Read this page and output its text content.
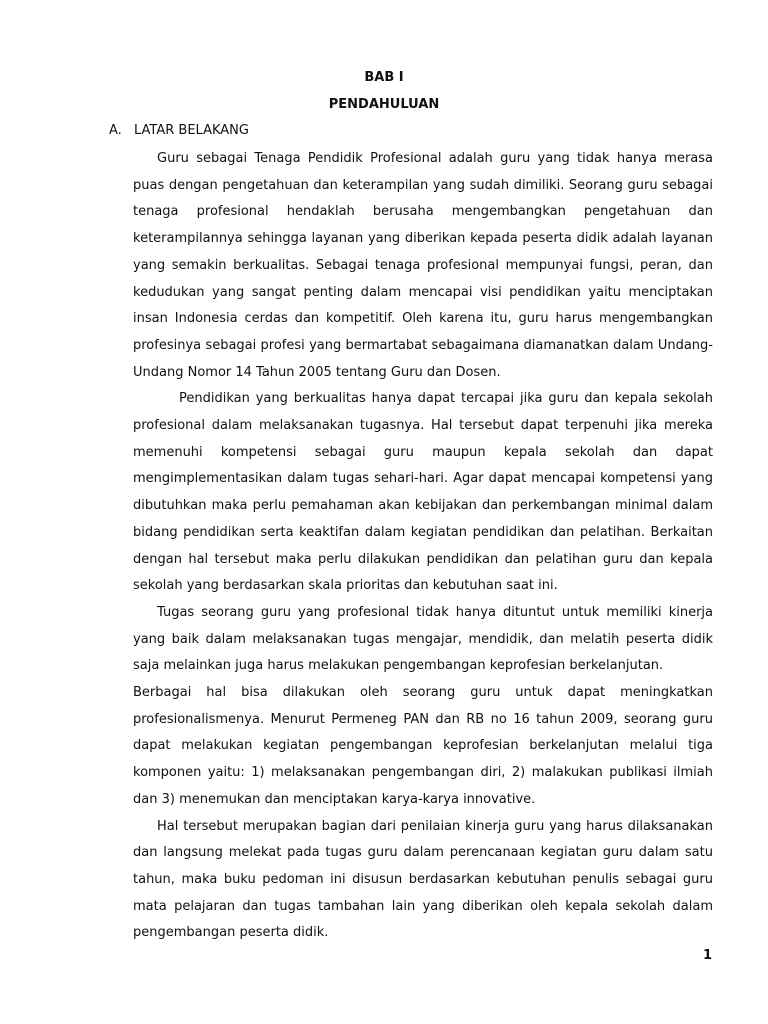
BAB I
PENDAHULUAN
A. LATAR BELAKANG

Guru sebagai Tenaga Pendidik Profesional adalah guru yang tidak hanya merasa puas dengan pengetahuan dan keterampilan yang sudah dimiliki. Seorang guru sebagai tenaga profesional hendaklah berusaha mengembangkan pengetahuan dan keterampilannya sehingga layanan yang diberikan kepada peserta didik adalah layanan yang semakin berkualitas. Sebagai tenaga profesional mempunyai fungsi, peran, dan kedudukan yang sangat penting dalam mencapai visi pendidikan yaitu menciptakan insan Indonesia cerdas dan kompetitif. Oleh karena itu, guru harus mengembangkan profesinya sebagai profesi yang bermartabat sebagaimana diamanatkan dalam Undang-Undang Nomor 14 Tahun 2005 tentang Guru dan Dosen.

Pendidikan yang berkualitas hanya dapat tercapai jika guru dan kepala sekolah profesional dalam melaksanakan tugasnya. Hal tersebut dapat terpenuhi jika mereka memenuhi kompetensi sebagai guru maupun kepala sekolah dan dapat mengimplementasikan dalam tugas sehari-hari. Agar dapat mencapai kompetensi yang dibutuhkan maka perlu pemahaman akan kebijakan dan perkembangan minimal dalam bidang pendidikan serta keaktifan dalam kegiatan pendidikan dan pelatihan. Berkaitan dengan hal tersebut maka perlu dilakukan pendidikan dan pelatihan guru dan kepala sekolah yang berdasarkan skala prioritas dan kebutuhan saat ini.

Tugas seorang guru yang profesional tidak hanya dituntut untuk memiliki kinerja yang baik dalam melaksanakan tugas mengajar, mendidik, dan melatih peserta didik saja melainkan juga harus melakukan pengembangan keprofesian berkelanjutan.

Berbagai hal bisa dilakukan oleh seorang guru untuk dapat meningkatkan profesionalismenya. Menurut Permeneg PAN dan RB no 16 tahun 2009, seorang guru dapat melakukan kegiatan pengembangan keprofesian berkelanjutan melalui tiga komponen yaitu: 1) melaksanakan pengembangan diri, 2) malakukan publikasi ilmiah dan 3) menemukan dan menciptakan karya-karya innovative.

Hal tersebut merupakan bagian dari penilaian kinerja guru yang harus dilaksanakan dan langsung melekat pada tugas guru dalam perencanaan kegiatan guru dalam satu tahun, maka buku pedoman ini disusun berdasarkan kebutuhan penulis sebagai guru mata pelajaran dan tugas tambahan lain yang diberikan oleh kepala sekolah dalam pengembangan peserta didik.

1
